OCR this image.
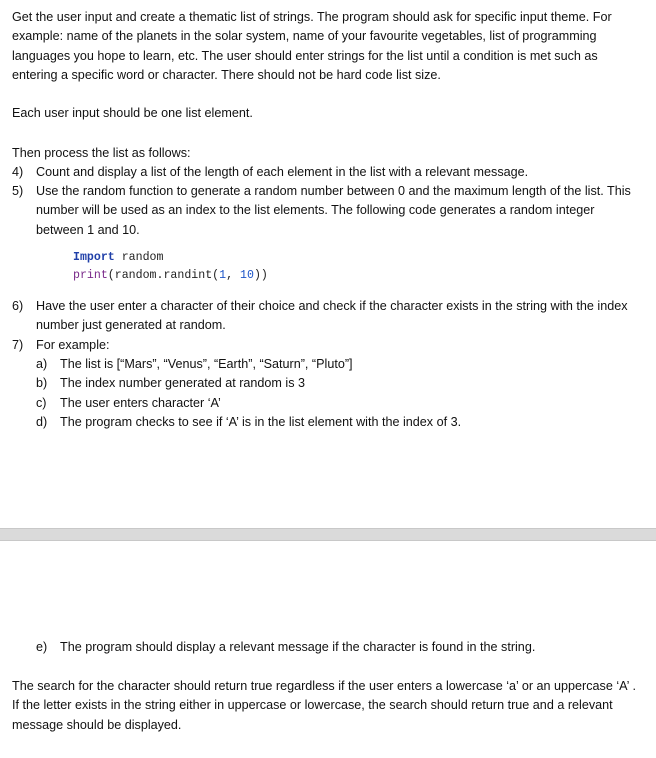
Get the user input and create a thematic list of strings. The program should ask for specific input theme. For example: name of the planets in the solar system, name of your favourite vegetables, list of programming languages you hope to learn, etc. The user should enter strings for the list until a condition is met such as entering a specific word or character. There should not be hard code list size.

Each user input should be one list element.

Then process the list as follows:

4) Count and display a list of the length of each element in the list with a relevant message.
5) Use the random function to generate a random number between 0 and the maximum length of the list. This number will be used as an index to the list elements. The following code generates a random integer between 1 and 10.
Import random
print(random.randint(1, 10))
6) Have the user enter a character of their choice and check if the character exists in the string with the index number just generated at random.
7) For example:
a) The list is [“Mars”, “Venus”, “Earth”, “Saturn”, “Pluto”]
b) The index number generated at random is 3
c) The user enters character ‘A’
d) The program checks to see if ‘A’ is in the list element with the index of 3.
e) The program should display a relevant message if the character is found in the string.

The search for the character should return true regardless if the user enters a lowercase ‘a’ or an uppercase ‘A’ . If the letter exists in the string either in uppercase or lowercase, the search should return true and a relevant message should be displayed.
